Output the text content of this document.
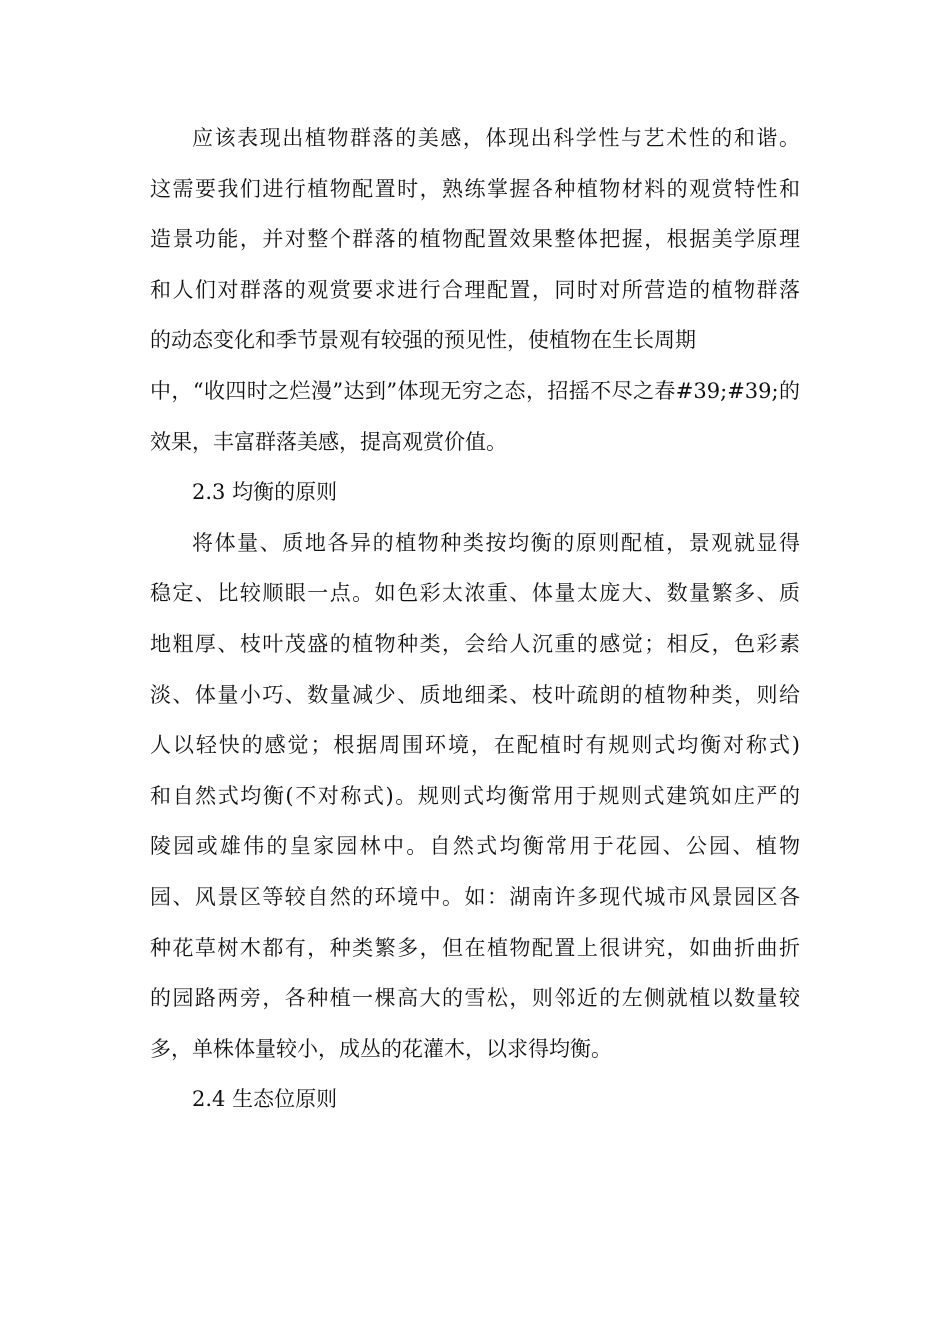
应该表现出植物群落的美感，体现出科学性与艺术性的和谐。
这需要我们进行植物配置时，熟练掌握各种植物材料的观赏特性和
造景功能，并对整个群落的植物配置效果整体把握，根据美学原理
和人们对群落的观赏要求进行合理配置，同时对所营造的植物群落
的动态变化和季节景观有较强的预见性，使植物在生长周期
中，“收四时之烂漫”达到”体现无穷之态，招摇不尽之春#39;#39;的
效果，丰富群落美感，提高观赏价值。
2.3 均衡的原则
将体量、质地各异的植物种类按均衡的原则配植，景观就显得
稳定、比较顺眼一点。如色彩太浓重、体量太庞大、数量繁多、质
地粗厚、枝叶茂盛的植物种类，会给人沉重的感觉；相反，色彩素
淡、体量小巧、数量减少、质地细柔、枝叶疏朗的植物种类，则给
人以轻快的感觉；根据周围环境，在配植时有规则式均衡对称式)
和自然式均衡(不对称式)。规则式均衡常用于规则式建筑如庄严的
陵园或雄伟的皇家园林中。自然式均衡常用于花园、公园、植物
园、风景区等较自然的环境中。如：湖南许多现代城市风景园区各
种花草树木都有，种类繁多，但在植物配置上很讲究，如曲折曲折
的园路两旁，各种植一棵高大的雪松，则邻近的左侧就植以数量较
多，单株体量较小，成丛的花灌木，以求得均衡。
2.4 生态位原则
